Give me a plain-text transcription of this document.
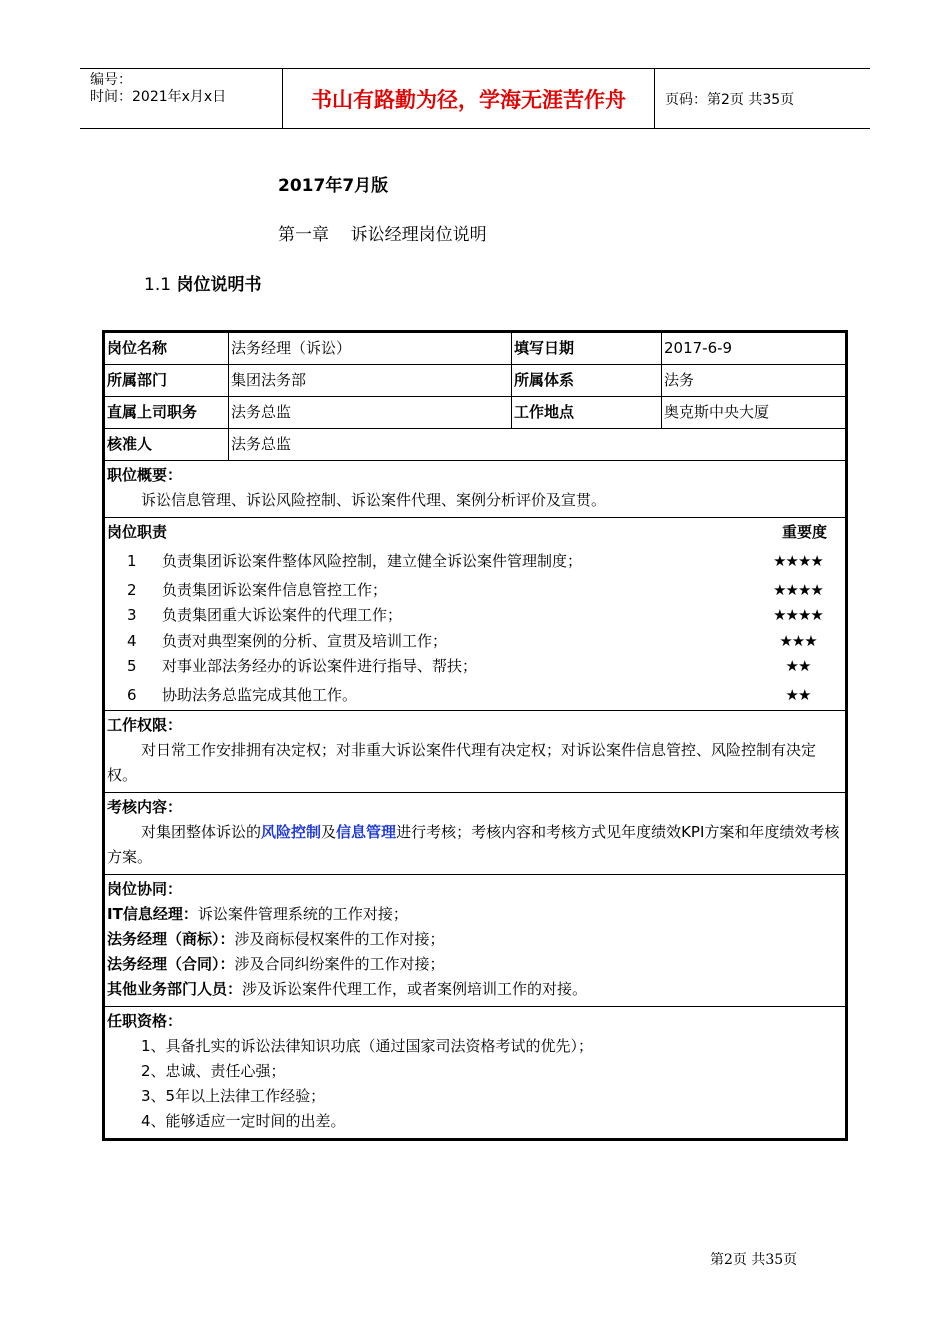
编号：
时间：2021年x月x日	书山有路勤为径，学海无涯苦作舟	页码：第2页 共35页
2017年7月版
第一章    诉讼经理岗位说明
1.1 岗位说明书
岗位名称	法务经理（诉讼）	填写日期	2017-6-9
所属部门	集团法务部	所属体系	法务
直属上司职务	法务总监	工作地点	奥克斯中央大厦
核准人	法务总监
职位概要：
诉讼信息管理、诉讼风险控制、诉讼案件代理、案例分析评价及宣贯。
岗位职责	重要度
1	负责集团诉讼案件整体风险控制，建立健全诉讼案件管理制度；	★★★★
2	负责集团诉讼案件信息管控工作；	★★★★
3	负责集团重大诉讼案件的代理工作；	★★★★
4	负责对典型案例的分析、宣贯及培训工作；	★★★
5	对事业部法务经办的诉讼案件进行指导、帮扶；	★★
6	协助法务总监完成其他工作。	★★
工作权限：
对日常工作安排拥有决定权；对非重大诉讼案件代理有决定权；对诉讼案件信息管控、风险控制有决定权。
考核内容：
对集团整体诉讼的风险控制及信息管理进行考核；考核内容和考核方式见年度绩效KPI方案和年度绩效考核方案。
岗位协同：
IT信息经理：诉讼案件管理系统的工作对接；
法务经理（商标）：涉及商标侵权案件的工作对接；
法务经理（合同）：涉及合同纠纷案件的工作对接；
其他业务部门人员：涉及诉讼案件代理工作，或者案例培训工作的对接。
任职资格：
1、具备扎实的诉讼法律知识功底（通过国家司法资格考试的优先）；
2、忠诚、责任心强；
3、5年以上法律工作经验；
4、能够适应一定时间的出差。
第2页 共35页
